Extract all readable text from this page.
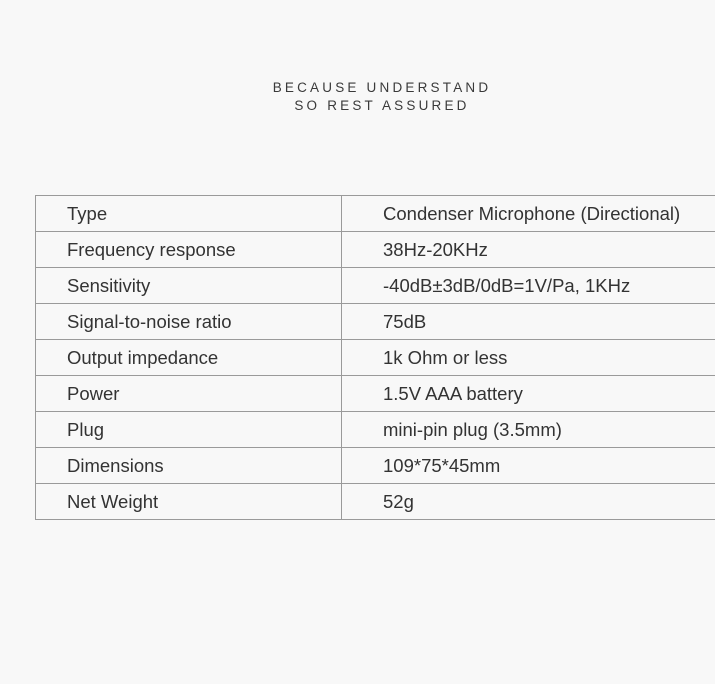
BECAUSE UNDERSTAND
SO REST ASSURED
Type	Condenser Microphone (Directional)
Frequency response	38Hz-20KHz
Sensitivity	-40dB±3dB/0dB=1V/Pa, 1KHz
Signal-to-noise ratio	75dB
Output impedance	1k Ohm or less
Power	1.5V AAA battery
Plug	mini-pin plug (3.5mm)
Dimensions	109*75*45mm
Net Weight	52g
